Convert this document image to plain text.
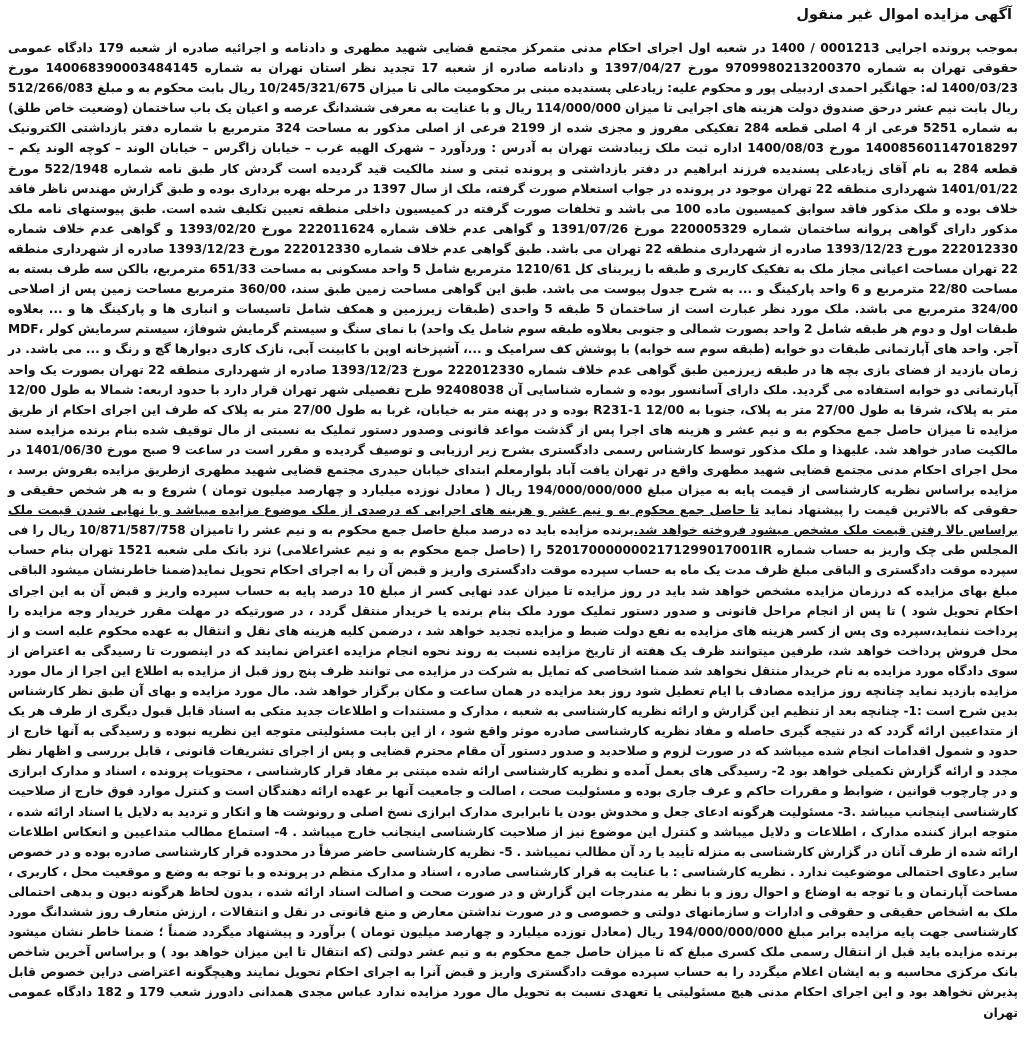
آگهی مزایده اموال غیر منقول

بموجب پرونده اجرایی 0001213 / 1400 در شعبه اول اجرای احکام مدنی متمرکز مجتمع قضایی شهید مطهری و دادنامه و اجرائیه صادره از شعبه 179 دادگاه عمومی حقوقی تهران به شماره 9709980213200370 مورخ 1397/04/27 و دادنامه صادره از شعبه 17 تجدید نظر استان تهران به شماره 140068390003484145 مورخ 1400/03/23 له: جهانگیر احمدی اردبیلی پور و محکوم علیه: زیادعلی پسندیده مبنی بر محکومیت مالی تا میزان 10/245/321/675 ریال بابت محکوم به و مبلغ 512/266/083 ریال بابت نیم عشر درحق صندوق دولت هزینه های اجرایی تا میزان 114/000/000 ریال و با عنایت به معرفی ششدانگ عرصه و اعیان یک باب ساختمان (وضعیت خاص طلق) به شماره 5251 فرعی از 4 اصلی قطعه 284 تفکیکی مفروز و مجزی شده از 2199 فرعی از اصلی مذکور به مساحت 324 مترمربع با شماره دفتر بازداشتی الکترونیک 140085601147018297 مورخ 1400/08/03 اداره ثبت ملک زیبادشت تهران به آدرس : وردآورد – شهرک الهیه غرب – خیابان زاگرس – خیابان الوند – کوچه الوند یکم – قطعه 284 به نام آقای زیادعلی پسندیده فرزند ابراهیم در دفتر بازداشتی و پرونده ثبتی و سند مالکیت قید گردیده است گردش کار طبق نامه شماره 522/1948 مورخ 1401/01/22 شهرداری منطقه 22 تهران موجود در پرونده در جواب استعلام صورت گرفته، ملک از سال 1397 در مرحله بهره برداری بوده و طبق گزارش مهندس ناظر فاقد خلاف بوده و ملک مذکور فاقد سوابق کمیسیون ماده 100 می باشد و تخلفات صورت گرفته در کمیسیون داخلی منطقه تعیین تکلیف شده است. طبق پیوستهای نامه ملک مذکور دارای گواهی پروانه ساختمان شماره 220005329 مورخ 1391/07/26 و گواهی عدم خلاف شماره 222011624 مورخ 1393/02/20 و گواهی عدم خلاف شماره 222012330 مورخ 1393/12/23 صادره از شهرداری منطقه 22 تهران می باشد. طبق گواهی عدم خلاف شماره 222012330 مورخ 1393/12/23 صادره از شهرداری منطقه 22 تهران مساحت اعیانی مجاز ملک به تفکیک کاربری و طبقه با زیربنای کل 1210/61 مترمربع شامل 5 واحد مسکونی به مساحت 651/33 مترمربع، بالکن سه طرف بسته به مساحت 22/80 مترمربع و 6 واحد پارکینگ و ... به شرح جدول پیوست می باشد. طبق این گواهی مساحت زمین طبق سند، 360/00 مترمربع مساحت زمین پس از اصلاحی 324/00 مترمربع می باشد. ملک مورد نظر عبارت است از ساختمان 5 طبقه 5 واحدی (طبقات زیرزمین و همکف شامل تاسیسات و انباری ها و پارکینگ ها و ... بعلاوه طبقات اول و دوم هر طبقه شامل 2 واحد بصورت شمالی و جنوبی بعلاوه طبقه سوم شامل یک واحد) با نمای سنگ و سیستم گرمایش شوفاژ، سیستم سرمایش کولر ،MDF آجر. واحد های آپارتمانی طبقات دو خوابه (طبقه سوم سه خوابه) با پوشش کف سرامیک و ...، آشپزخانه اوپن با کابینت آبی، نازک کاری دیوارها گچ و رنگ و ... می باشد. در زمان بازدید از فضای بازی بچه ها در طبقه زیرزمین طبق گواهی عدم خلاف شماره 222012330 مورخ 1393/12/23 صادره از شهرداری منطقه 22 تهران بصورت یک واحد آپارتمانی دو خوابه استفاده می گردید. ملک دارای آسانسور بوده و شماره شناسایی آن 92408038 طرح تفصیلی شهر تهران قرار دارد با حدود اربعه: شمالا به طول 12/00 متر به پلاک، شرقا به طول 27/00 متر به پلاک، جنوبا به R231-1 12/00 بوده و در پهنه متر به خیابان، غربا به طول 27/00 متر به پلاک که طرف این اجرای احکام از طریق مزایده تا میزان حاصل جمع محکوم به و نیم عشر و هزینه های اجرا پس از گذشت مواعد قانونی وصدور دستور تملیک به نسبتی از مال توقیف شده بنام برنده مزایده سند مالکیت صادر خواهد شد. علیهذا و ملک مذکور توسط کارشناس رسمی دادگستری بشرح زیر ارزیابی و توصیف گردیده و مقرر است در ساعت 9 صبح مورخ 1401/06/30 در محل اجرای احکام مدنی مجتمع قضایی شهید مطهری واقع در تهران یافت آباد بلوارمعلم ابتدای خیابان حیدری مجتمع قضایی شهید مطهری ازطریق مزایده بفروش برسد ، مزایده براساس نظریه کارشناسی از قیمت پایه به میزان مبلغ 194/000/000/000 ریال ( معادل نوزده میلیارد و چهارصد میلیون تومان ) شروع و به هر شخص حقیقی و حقوقی که بالاترین قیمت را پیشنهاد نماید تا حاصل جمع محکوم به و نیم عشر و هزینه های اجرایی که درصدی از ملک موضوع مزایده میباشد و با نهایی شدن قیمت ملک براساس بالا رفتن قیمت ملک مشخص میشود فروخته خواهد شد.برنده مزایده باید ده درصد مبلغ حاصل جمع محکوم به و نیم عشر را تامیزان 10/871/587/758 ریال را فی المجلس طی چک واریز به حساب شماره 5201700000002171299017001IR را (حاصل جمع محکوم به و نیم عشراعلامی) نزد بانک ملی شعبه 1521 تهران بنام حساب سپرده موقت دادگستری و الباقی مبلغ ظرف مدت یک ماه به حساب سپرده موقت دادگستری واریز و قبض آن را به اجرای احکام تحویل نماید(ضمنا خاطرنشان میشود الباقی مبلغ بهای مزایده که درزمان مزایده مشخص خواهد شد باید در روز مزایده تا میزان عدد نهایی کسر از مبلغ 10 درصد پایه به حساب سپرده واریز و قبض آن به این اجرای احکام تحویل شود ) تا پس از انجام مراحل قانونی و صدور دستور تملیک مورد ملک بنام برنده یا خریدار منتقل گردد ، در صورتیکه در مهلت مقرر خریدار وجه مزایده را پرداخت ننماید،سپرده وی پس از کسر هزینه های مزایده به نفع دولت ضبط و مزایده تجدید خواهد شد ، درضمن کلیه هزینه های نقل و انتقال به عهده محکوم علیه است و از محل فروش پرداخت خواهد شد، طرفین میتوانند ظرف یک هفته از تاریخ مزایده نسبت به روند نحوه انجام مزایده اعتراض نمایند که در اینصورت تا رسیدگی به اعتراض از سوی دادگاه مورد مزایده به نام خریدار منتقل نخواهد شد ضمنا اشخاصی که تمایل به شرکت در مزایده می توانند ظرف پنج روز قبل از مزایده به اطلاع این اجرا از مال مورد مزایده بازدید نماید چنانچه روز مزایده مصادف با ایام تعطیل شود روز بعد مزایده در همان ساعت و مکان برگزار خواهد شد. مال مورد مزایده و بهای آن طبق نظر کارشناس بدین شرح است :1- چنانچه بعد از تنظیم این گزارش و ارائه نظریه کارشناسی به شعبه ، مدارک و مستندات و اطلاعات جدید متکی به اسناد قابل قبول دیگری از طرف هر یک از متداعیین ارائه گردد که در نتیجه گیری حاصله و مفاد نظریه کارشناسی صادره موثر واقع شود ، از این بابت مسئولیتی متوجه این نظریه نبوده و رسیدگی به آنها خارج از حدود و شمول اقدامات انجام شده میباشد که در صورت لزوم و صلاحدید و صدور دستور آن مقام محترم قضایی و پس از اجرای تشریفات قانونی ، قابل بررسی و اظهار نظر مجدد و ارائه گزارش تکمیلی خواهد بود 2- رسیدگی های بعمل آمده و نظریه کارشناسی ارائه شده مبتنی بر مفاد قرار کارشناسی ، محتویات پرونده ، اسناد و مدارک ابرازی و در چارچوب قوانین ، ضوابط و مقررات حاکم و عرف جاری بوده و مسئولیت صحت ، اصالت و جامعیت آنها بر عهده ارائه دهندگان است و کنترل موارد فوق خارج از صلاحیت کارشناسی اینجانب میباشد .3- مسئولیت هرگونه ادعای جعل و مخدوش بودن یا نابرابری مدارک ابرازی نسخ اصلی و رونوشت ها و انکار و تردید به دلایل یا اسناد ارائه شده ، متوجه ابراز کننده مدارک ، اطلاعات و دلایل میباشد و کنترل این موضوع نیز از صلاحیت کارشناسی اینجانب خارج میباشد . 4- استماع مطالب متداعیین و انعکاس اطلاعات ارائه شده از طرف آنان در گزارش کارشناسی به منزله تأیید یا رد آن مطالب نمیباشد . 5- نظریه کارشناسی حاضر صرفاً در محدوده قرار کارشناسی صادره بوده و در خصوص سایر دعاوی احتمالی موضوعیت ندارد . نظریه کارشناسی : با عنایت به قرار کارشناسی صادره ، اسناد و مدارک منظم در پرونده و با توجه به وضع و موقعیت محل ، کاربری ، مساحت آپارتمان و با توجه به اوضاع و احوال روز و با نظر به مندرجات این گزارش و در صورت صحت و اصالت اسناد ارائه شده ، بدون لحاظ هرگونه دیون و بدهی احتمالی ملک به اشخاص حقیقی و حقوقی و ادارات و سازمانهای دولتی و خصوصی و در صورت نداشتن معارض و منع قانونی در نقل و انتقالات ، ارزش متعارف روز ششدانگ مورد کارشناسی جهت پایه مزایده برابر مبلغ 194/000/000/000 ریال (معادل نوزده میلیارد و چهارصد میلیون تومان ) برآورد و پیشنهاد میگردد ضمناً ؛ ضمنا خاطر نشان میشود برنده مزایده باید قبل از انتقال رسمی ملک کسری مبلغ که تا میزان حاصل جمع محکوم به و نیم عشر دولتی (که انتقال تا این میزان خواهد بود ) و براساس آخرین شاخص بانک مرکزی محاسبه و به ایشان اعلام میگردد را به حساب سپرده موقت دادگستری واریز و قبض آنرا به اجرای احکام تحویل نمایند وهیچگونه اعتراضی دراین خصوص قابل پذیرش نخواهد بود و این اجرای احکام مدنی هیچ مسئولیتی یا تعهدی نسبت به تحویل مال مورد مزایده ندارد عباس مجدی همدانی دادورز شعب 179 و 182 دادگاه عمومی تهران
